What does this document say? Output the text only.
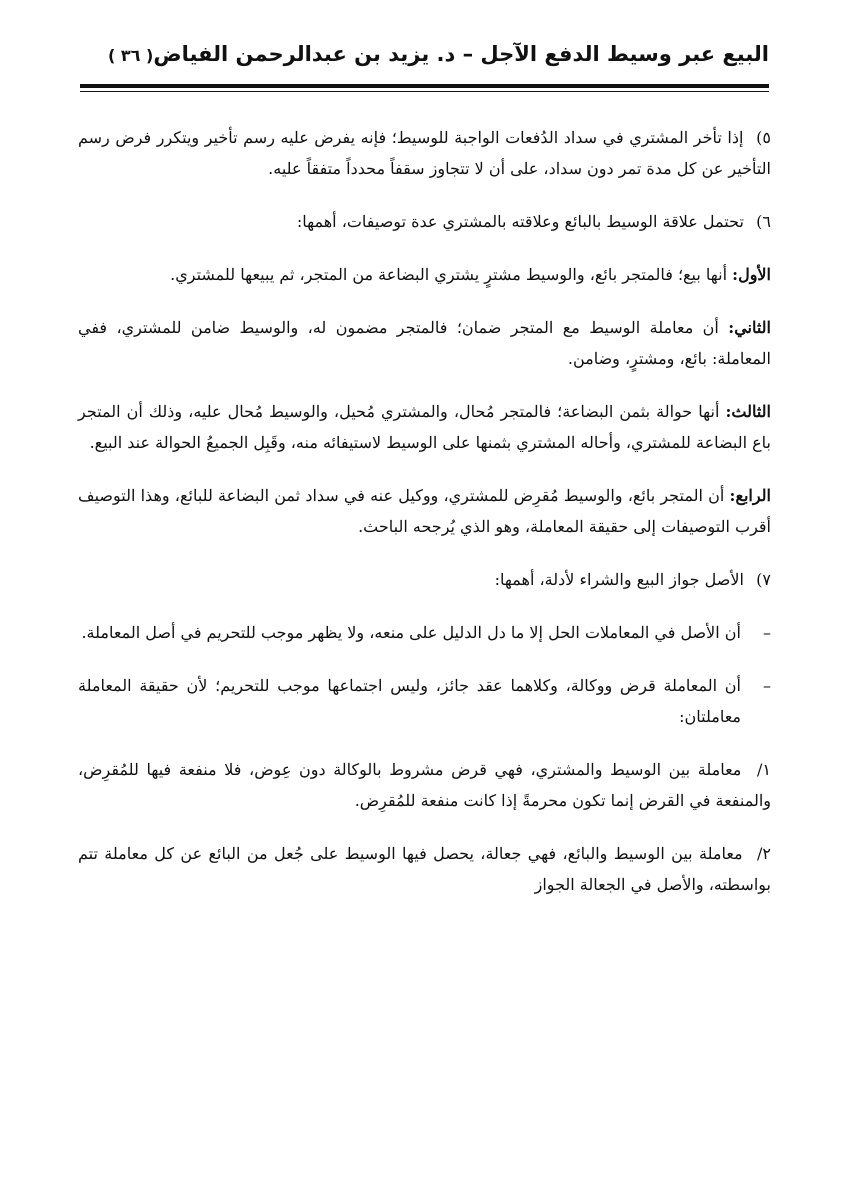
البيع عبر وسيط الدفع الآجل – د. يزيد بن عبدالرحمن الفياض
( ٣٦ )

٥) إذا تأخر المشتري في سداد الدُفعات الواجبة للوسيط؛ فإنه يفرض عليه رسم تأخير ويتكرر فرض رسم التأخير عن كل مدة تمر دون سداد، على أن لا تتجاوز سقفاً محدداً متفقاً عليه.

٦) تحتمل علاقة الوسيط بالبائع وعلاقته بالمشتري عدة توصيفات، أهمها:

الأول: أنها بيع؛ فالمتجر بائع، والوسيط مشترٍ يشتري البضاعة من المتجر، ثم يبيعها للمشتري.

الثاني: أن معاملة الوسيط مع المتجر ضمان؛ فالمتجر مضمون له، والوسيط ضامن للمشتري، ففي المعاملة: بائع، ومشترٍ، وضامن.

الثالث: أنها حوالة بثمن البضاعة؛ فالمتجر مُحال، والمشتري مُحيل، والوسيط مُحال عليه، وذلك أن المتجر باع البضاعة للمشتري، وأحاله المشتري بثمنها على الوسيط لاستيفائه منه، وقَبِل الجميعُ الحوالة عند البيع.

الرابع: أن المتجر بائع، والوسيط مُقرِض للمشتري، ووكيل عنه في سداد ثمن البضاعة للبائع، وهذا التوصيف أقرب التوصيفات إلى حقيقة المعاملة، وهو الذي يُرجحه الباحث.

٧) الأصل جواز البيع والشراء لأدلة، أهمها:

–
أن الأصل في المعاملات الحل إلا ما دل الدليل على منعه، ولا يظهر موجب للتحريم في أصل المعاملة.

–
أن المعاملة قرض ووكالة، وكلاهما عقد جائز، وليس اجتماعها موجب للتحريم؛ لأن حقيقة المعاملة معاملتان:

١/ معاملة بين الوسيط والمشتري، فهي قرض مشروط بالوكالة دون عِوض، فلا منفعة فيها للمُقرِض، والمنفعة في القرض إنما تكون محرمةً إذا كانت منفعة للمُقرِض.

٢/ معاملة بين الوسيط والبائع، فهي جعالة، يحصل فيها الوسيط على جُعل من البائع عن كل معاملة تتم بواسطته، والأصل في الجعالة الجواز
